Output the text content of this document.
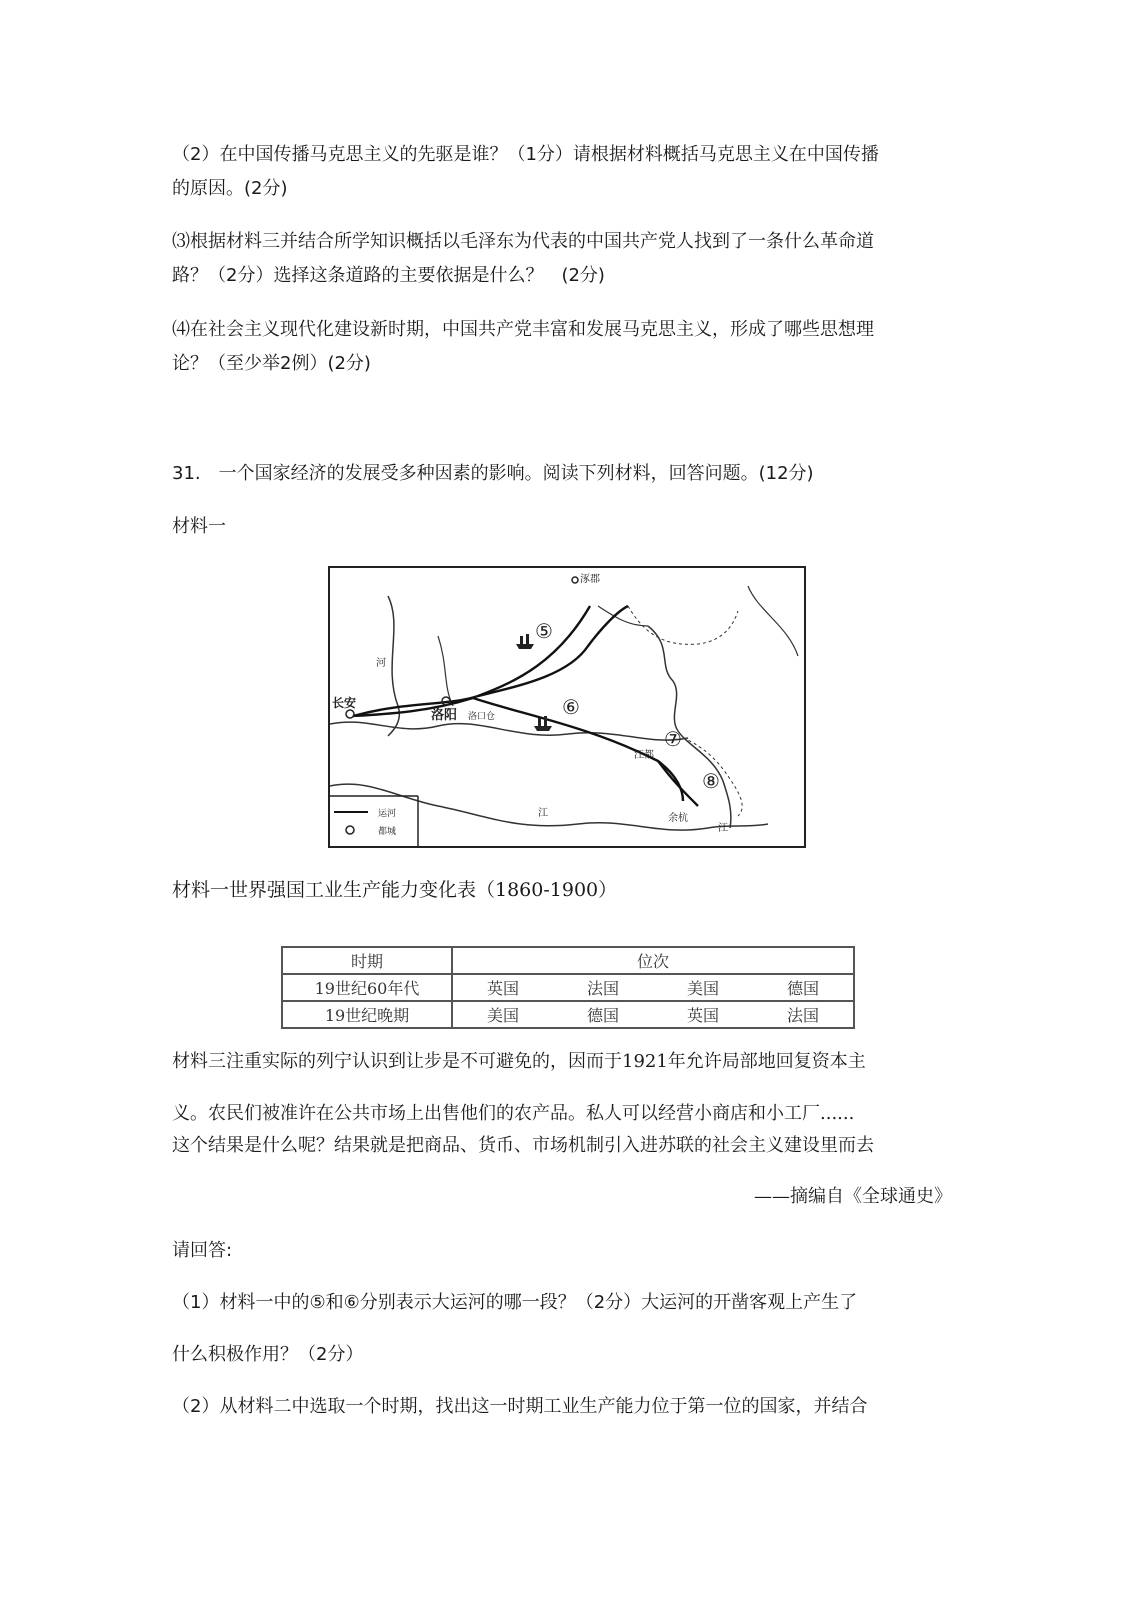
（2）在中国传播马克思主义的先驱是谁？（1分）请根据材料概括马克思主义在中国传播

的原因。(2分)

⑶根据材料三并结合所学知识概括以毛泽东为代表的中国共产党人找到了一条什么革命道

路？（2分）选择这条道路的主要依据是什么？　(2分)

⑷在社会主义现代化建设新时期，中国共产党丰富和发展马克思主义，形成了哪些思想理

论？（至少举2例）(2分)

31.　一个国家经济的发展受多种因素的影响。阅读下列材料，回答问题。(12分)

材料一

涿郡
长安
洛阳 洛口仓
江都
余杭
河
江
江
⑤
⑥
⑦
⑧
运河
都城

材料一世界强国工业生产能力变化表（1860-1900）

时期	位次
19世纪60年代	英国 法国 美国 德国

19世纪晚期	美国 德国 英国 法国

材料三注重实际的列宁认识到让步是不可避免的，因而于1921年允许局部地回复资本主

义。农民们被准许在公共市场上出售他们的农产品。私人可以经营小商店和小工厂......

这个结果是什么呢？结果就是把商品、货币、市场机制引入进苏联的社会主义建设里而去

——摘编自《全球通史》

请回答:

（1）材料一中的⑤和⑥分别表示大运河的哪一段？（2分）大运河的开凿客观上产生了

什么积极作用？（2分）

（2）从材料二中选取一个时期，找出这一时期工业生产能力位于第一位的国家，并结合
